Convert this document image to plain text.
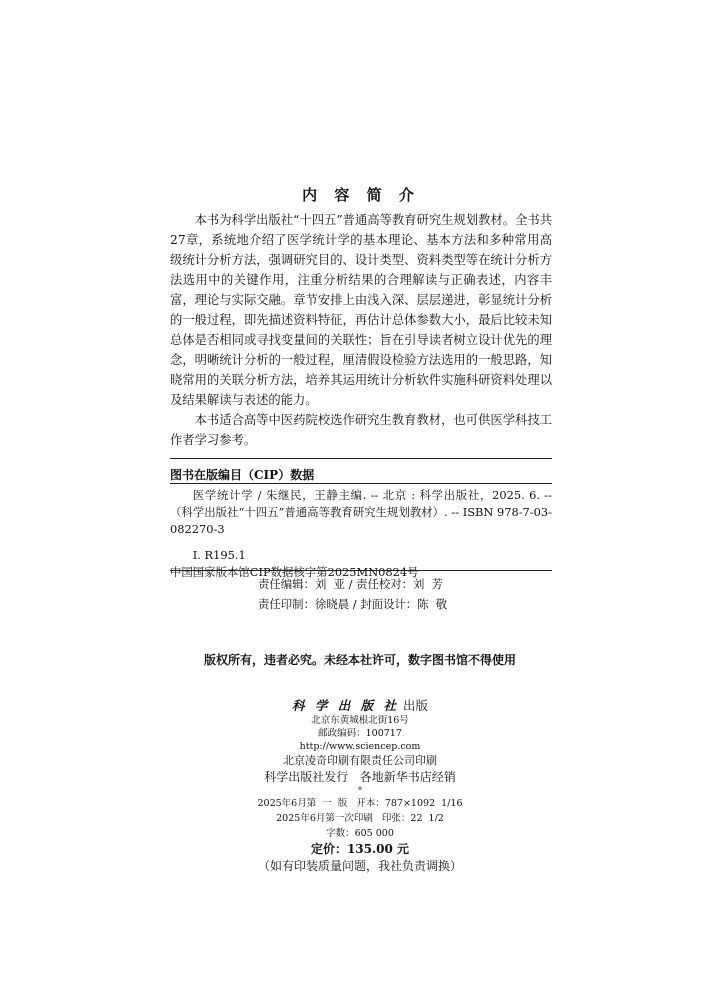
内 容 简 介

本书为科学出版社“十四五”普通高等教育研究生规划教材。全书共27章，系统地介绍了医学统计学的基本理论、基本方法和多种常用高级统计分析方法，强调研究目的、设计类型、资料类型等在统计分析方法选用中的关键作用，注重分析结果的合理解读与正确表述，内容丰富，理论与实际交融。章节安排上由浅入深、层层递进，彰显统计分析的一般过程，即先描述资料特征，再估计总体参数大小，最后比较未知总体是否相同或寻找变量间的关联性；旨在引导读者树立设计优先的理念，明晰统计分析的一般过程，厘清假设检验方法选用的一般思路，知晓常用的关联分析方法，培养其运用统计分析软件实施科研资料处理以及结果解读与表述的能力。

本书适合高等中医药院校选作研究生教育教材，也可供医学科技工作者学习参考。

图书在版编目（CIP）数据

医学统计学 / 朱继民，王静主编. -- 北京 : 科学出版社，2025. 6. --（科学出版社“十四五”普通高等教育研究生规划教材）. -- ISBN 978-7-03-082270-3

Ⅰ. R195.1

中国国家版本馆CIP数据核字第2025MN0824号

责任编辑：刘  亚 / 责任校对：刘  芳
责任印制：徐晓晨 / 封面设计：陈  敬
版权所有，违者必究。未经本社许可，数字图书馆不得使用
科 学 出 版 社 出版
北京东黄城根北街16号
邮政编码：100717
http://www.sciencep.com
北京凌奇印刷有限责任公司印刷
科学出版社发行   各地新华书店经销
*
2025年6月第  一  版   开本：787×1092  1/16
2025年6月第一次印刷   印张：22  1/2
字数：605 000
定价：135.00 元
（如有印装质量问题，我社负责调换）
